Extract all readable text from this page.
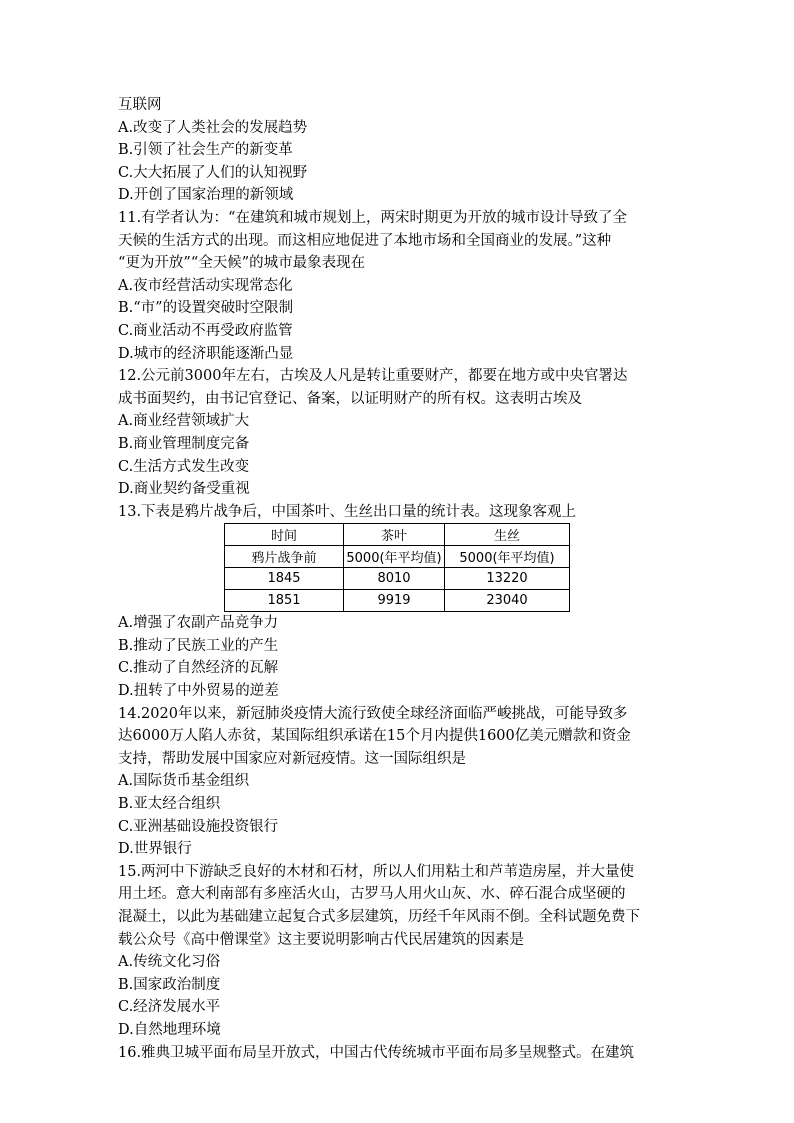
互联网
A.改变了人类社会的发展趋势
B.引领了社会生产的新变革
C.大大拓展了人们的认知视野
D.开创了国家治理的新领域
11.有学者认为：“在建筑和城市规划上，两宋时期更为开放的城市设计导致了全
天候的生活方式的出现。而这相应地促进了本地市场和全国商业的发展。”这种
“更为开放”“全天候”的城市最象表现在
A.夜市经营活动实现常态化
B.“市”的设置突破时空限制
C.商业活动不再受政府监管
D.城市的经济职能逐渐凸显
12.公元前3000年左右，古埃及人凡是转让重要财产，都要在地方或中央官署达
成书面契约，由书记官登记、备案，以证明财产的所有权。这表明古埃及
A.商业经营领域扩大
B.商业管理制度完备
C.生活方式发生改变
D.商业契约备受重视
13.下表是鸦片战争后，中国茶叶、生丝出口量的统计表。这现象客观上
时间	茶叶	生丝
鸦片战争前	5000(年平均值)	5000(年平均值)
1845	8010	13220
1851	9919	23040
A.增强了农副产品竞争力
B.推动了民族工业的产生
C.推动了自然经济的瓦解
D.扭转了中外贸易的逆差
14.2020年以来，新冠肺炎疫情大流行致使全球经济面临严峻挑战，可能导致多
达6000万人陷人赤贫，某国际组织承诺在15个月内提供1600亿美元赠款和资金
支持，帮助发展中国家应对新冠疫情。这一国际组织是
A.国际货币基金组织
B.亚太经合组织
C.亚洲基础设施投资银行
D.世界银行
15.两河中下游缺乏良好的木材和石材，所以人们用粘土和芦苇造房屋，并大量使
用土坯。意大利南部有多座活火山，古罗马人用火山灰、水、碎石混合成坚硬的
混凝土，以此为基础建立起复合式多层建筑，历经千年风雨不倒。全科试题免费下
载公众号《高中僧课堂》这主要说明影响古代民居建筑的因素是
A.传统文化习俗
B.国家政治制度
C.经济发展水平
D.自然地理环境
16.雅典卫城平面布局呈开放式，中国古代传统城市平面布局多呈规整式。在建筑
